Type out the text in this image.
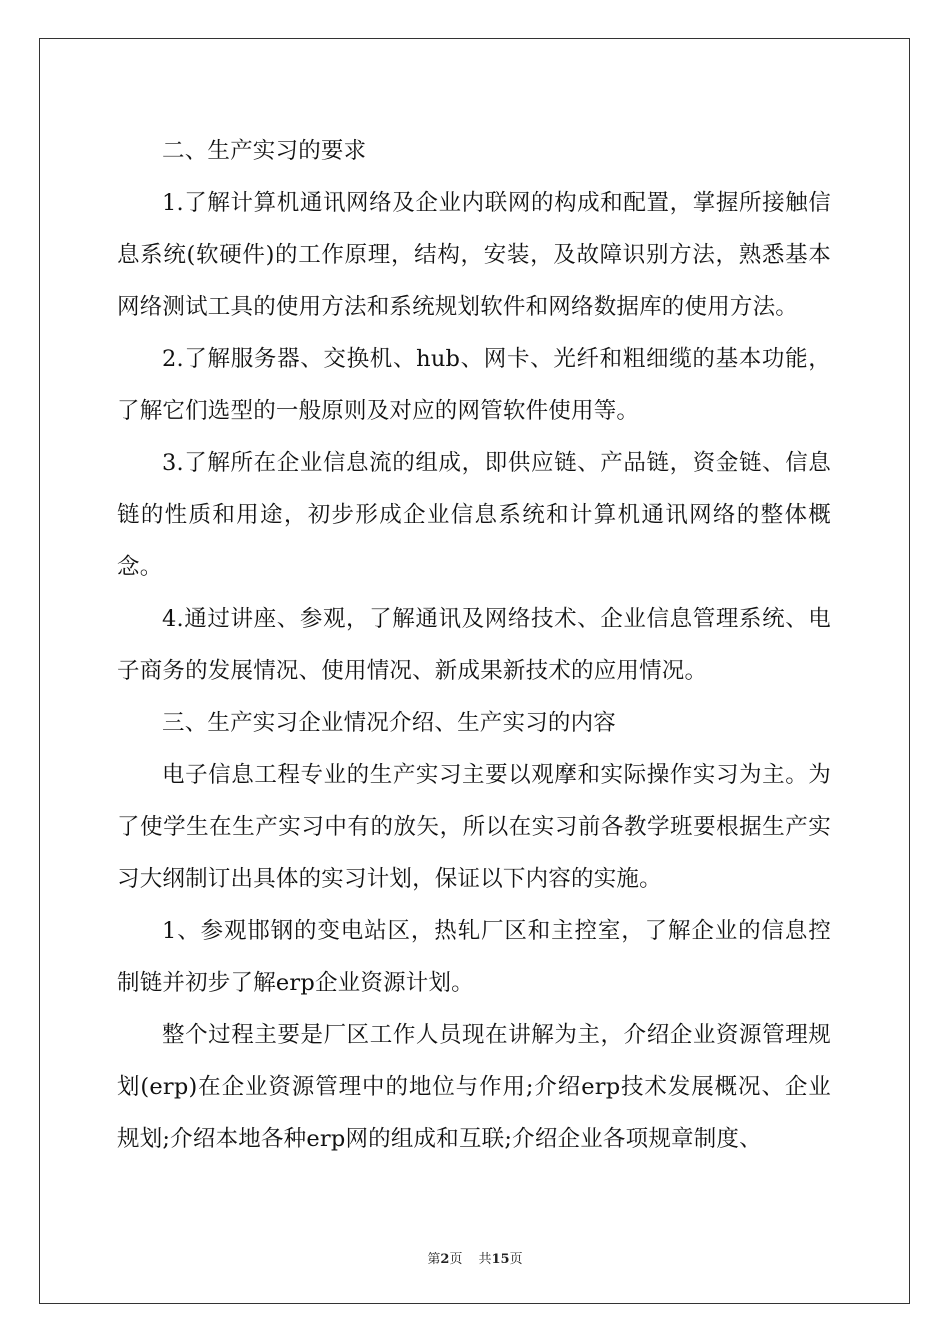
二、生产实习的要求

1.了解计算机通讯网络及企业内联网的构成和配置，掌握所接触信息系统(软硬件)的工作原理，结构，安装，及故障识别方法，熟悉基本网络测试工具的使用方法和系统规划软件和网络数据库的使用方法。

2.了解服务器、交换机、hub、网卡、光纤和粗细缆的基本功能，了解它们选型的一般原则及对应的网管软件使用等。

3.了解所在企业信息流的组成，即供应链、产品链，资金链、信息链的性质和用途，初步形成企业信息系统和计算机通讯网络的整体概念。

4.通过讲座、参观，了解通讯及网络技术、企业信息管理系统、电子商务的发展情况、使用情况、新成果新技术的应用情况。

三、生产实习企业情况介绍、生产实习的内容

电子信息工程专业的生产实习主要以观摩和实际操作实习为主。为了使学生在生产实习中有的放矢，所以在实习前各教学班要根据生产实习大纲制订出具体的实习计划，保证以下内容的实施。

1、参观邯钢的变电站区，热轧厂区和主控室，了解企业的信息控制链并初步了解erp企业资源计划。

整个过程主要是厂区工作人员现在讲解为主，介绍企业资源管理规划(erp)在企业资源管理中的地位与作用;介绍erp技术发展概况、企业规划;介绍本地各种erp网的组成和互联;介绍企业各项规章制度、

第2页 共15页
